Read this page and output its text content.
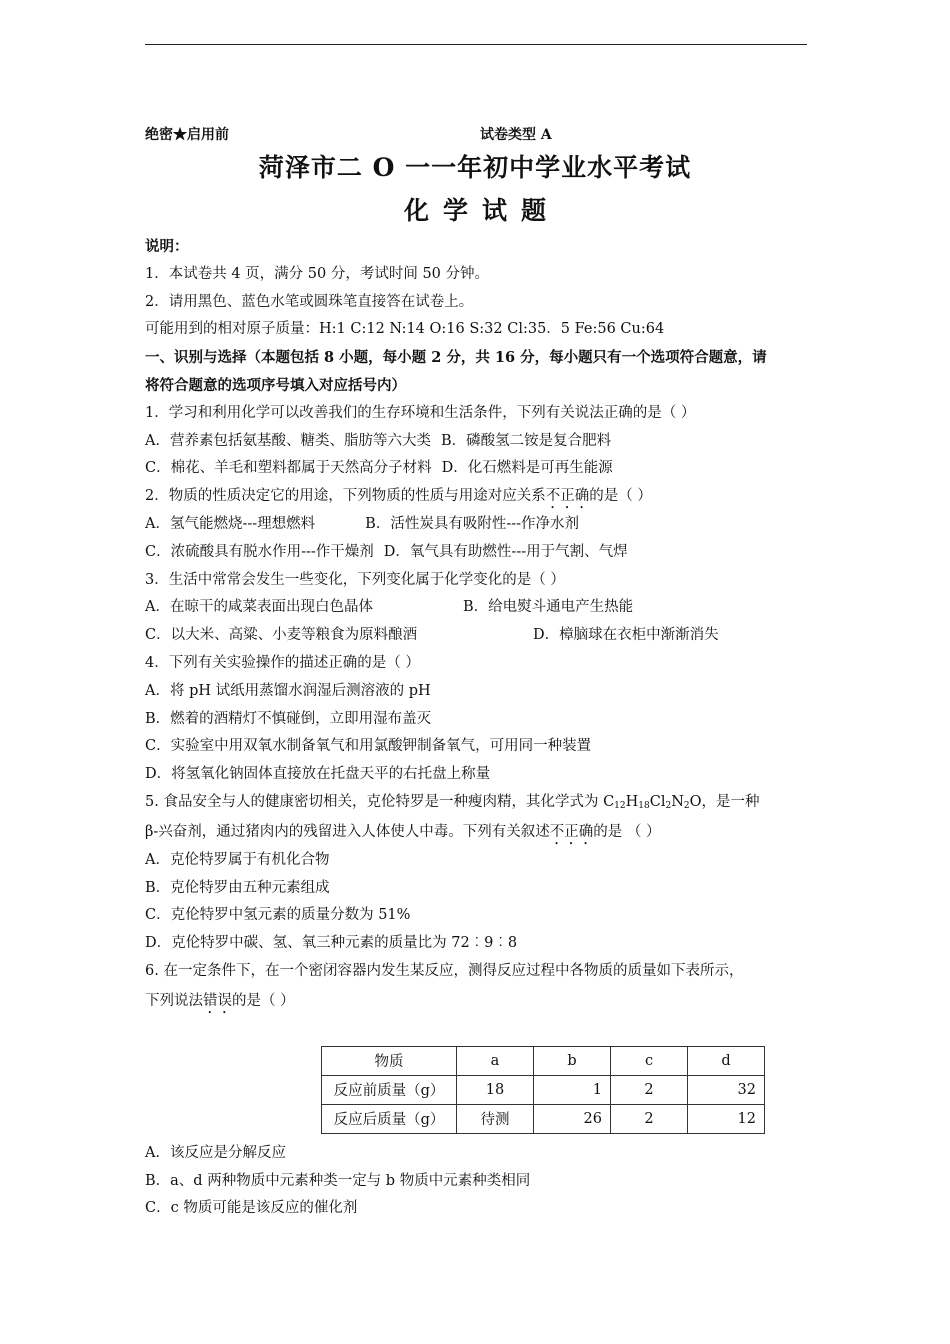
绝密★启用前	试卷类型 A
菏泽市二 O 一一年初中学业水平考试
化学试题
说明：
1．本试卷共 4 页，满分 50 分，考试时间 50 分钟。
2．请用黑色、蓝色水笔或圆珠笔直接答在试卷上。
可能用到的相对原子质量：H:1 C:12 N:14 O:16 S:32 Cl:35．5 Fe:56 Cu:64
一、识别与选择（本题包括 8 小题，每小题 2 分，共 16 分，每小题只有一个选项符合题意，请
将符合题意的选项序号填入对应括号内）
1．学习和利用化学可以改善我们的生存环境和生活条件，下列有关说法正确的是（ ）
A．营养素包括氨基酸、糖类、脂肪等六大类 B．磷酸氢二铵是复合肥料
C．棉花、羊毛和塑料都属于天然高分子材料 D．化石燃料是可再生能源
2．物质的性质决定它的用途，下列物质的性质与用途对应关系不正确的是（ ）
A．氢气能燃烧---理想燃料	B．活性炭具有吸附性---作净水剂
C．浓硫酸具有脱水作用---作干燥剂 D．氧气具有助燃性---用于气割、气焊
3．生活中常常会发生一些变化，下列变化属于化学变化的是（ ）
A．在晾干的咸菜表面出现白色晶体	B．给电熨斗通电产生热能
C．以大米、高粱、小麦等粮食为原料酿酒	D．樟脑球在衣柜中渐渐消失
4．下列有关实验操作的描述正确的是（ ）
A．将 pH 试纸用蒸馏水润湿后测溶液的 pH
B．燃着的酒精灯不慎碰倒，立即用湿布盖灭
C．实验室中用双氧水制备氧气和用氯酸钾制备氧气，可用同一种装置
D．将氢氧化钠固体直接放在托盘天平的右托盘上称量
5. 食品安全与人的健康密切相关，克伦特罗是一种瘦肉精，其化学式为 $C_{12}H_{18}Cl_2N_2O$，是一种
β-兴奋剂，通过猪肉内的残留进入人体使人中毒。下列有关叙述不正确的是 （ ）
A．克伦特罗属于有机化合物
B．克伦特罗由五种元素组成
C．克伦特罗中氢元素的质量分数为 51%
D．克伦特罗中碳、氢、氧三种元素的质量比为 72︰9︰8
6. 在一定条件下，在一个密闭容器内发生某反应，测得反应过程中各物质的质量如下表所示，
下列说法错误的是（ ）
物质	a	b	c	d
反应前质量（g）	18	1	2	32
反应后质量（g）	待测	26	2	12
A．该反应是分解反应
B．a、d 两种物质中元素种类一定与 b 物质中元素种类相同
C．c 物质可能是该反应的催化剂
